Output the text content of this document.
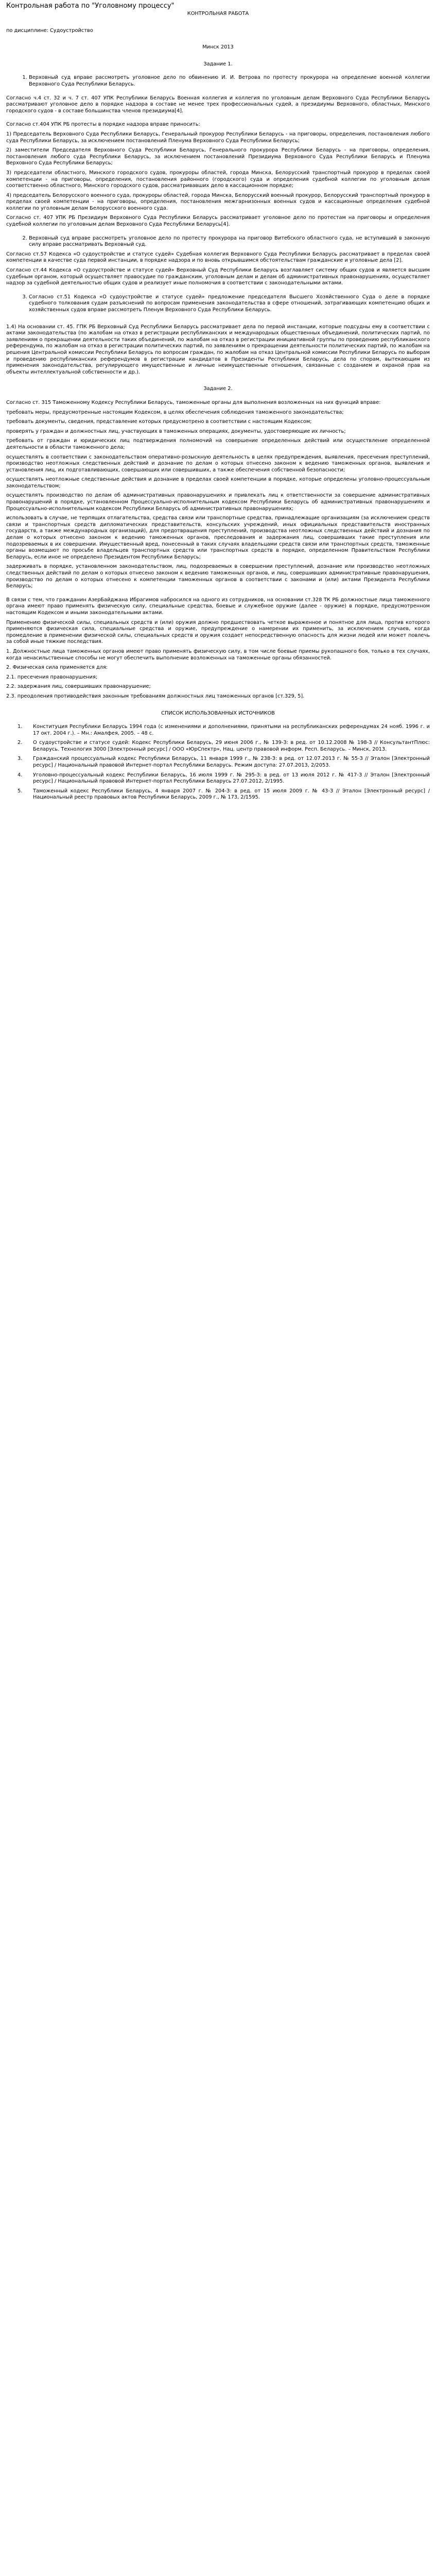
Контрольная работа по "Уголовному процессу"

КОНТРОЛЬНАЯ РАБОТА

по дисциплине: Судоустройство

Минск 2013

Задание 1.

1. Верховный суд вправе рассмотреть уголовное дело по обвинению И. И. Ветрова по протесту прокурора на определение военной коллегии Верховного Суда Республики Беларусь.

Согласно ч.4 ст. 32 и ч. 7 ст. 407 УПК Республики Беларусь Военная коллегия и коллегия по уголовным делам Верховного Суда Республики Беларусь рассматривают уголовное дело в порядке надзора в составе не менее трех профессиональных судей, а президиумы Верховного, областных, Минского городского судов - в составе большинства членов президиума[4].

Согласно ст.404 УПК РБ протесты в порядке надзора вправе приносить:

1) Председатель Верховного Суда Республики Беларусь, Генеральный прокурор Республики Беларусь - на приговоры, определения, постановления любого суда Республики Беларусь, за исключением постановлений Пленума Верховного Суда Республики Беларусь;

2) заместители Председателя Верховного Суда Республики Беларусь, Генерального прокурора Республики Беларусь - на приговоры, определения, постановления любого суда Республики Беларусь, за исключением постановлений Президиума Верховного Суда Республики Беларусь и Пленума Верховного Суда Республики Беларусь;

3) председатели областного, Минского городского судов, прокуроры областей, города Минска, Белорусский транспортный прокурор в пределах своей компетенции - на приговоры, определения, постановления районного (городского) суда и определения судебной коллегии по уголовным делам соответственно областного, Минского городского судов, рассматривавших дело в кассационном порядке;

4) председатель Белорусского военного суда, прокуроры областей, города Минска, Белорусский военный прокурор, Белорусский транспортный прокурор в пределах своей компетенции - на приговоры, определения, постановления межгарнизонных военных судов и кассационные определения судебной коллегии по уголовным делам Белорусского военного суда.

Согласно ст. 407 УПК РБ Президиум Верховного Суда Республики Беларусь рассматривает уголовное дело по протестам на приговоры и определения судебной коллегии по уголовным делам Верховного Суда Республики Беларусь[4].

2. Верховный суд вправе рассмотреть уголовное дело по протесту прокурора на приговор Витебского областного суда, не вступивший в законную силу вправе рассматривать Верховный суд.

Согласно ст.57 Кодекса «О судоустройстве и статусе судей» Судебная коллегия Верховного Суда Республики Беларусь рассматривает в пределах своей компетенции в качестве суда первой инстанции, в порядке надзора и по вновь открывшимся обстоятельствам гражданские и уголовные дела [2].

Согласно ст.44 Кодекса «О судоустройстве и статусе судей» Верховный Суд Республики Беларусь возглавляет систему общих судов и является высшим судебным органом, который осуществляет правосудие по гражданским, уголовным делам и делам об административных правонарушениях, осуществляет надзор за судебной деятельностью общих судов и реализует иные полномочия в соответствии с законодательными актами.

3. Согласно ст.51 Кодекса «О судоустройстве и статусе судей» предложение председателя Высшего Хозяйственного Суда о деле в порядке судебного толкования судам разъяснений по вопросам применения законодательства в сфере отношений, затрагивающих компетенцию общих и хозяйственных судов вправе рассмотреть Пленум Верховного Суда Республики Беларусь.

1.4) На основании ст. 45. ГПК РБ Верховный Суд Республики Беларусь рассматривает дела по первой инстанции, которые подсудны ему в соответствии с актами законодательства (по жалобам на отказ в регистрации республиканских и международных общественных объединений, политических партий, по заявлениям о прекращении деятельности таких объединений, по жалобам на отказ в регистрации инициативной группы по проведению республиканского референдума, по жалобам на отказ в регистрации политических партий, по заявлениям о прекращении деятельности политических партий, по жалобам на решения Центральной комиссии Республики Беларусь по вопросам граждан, по жалобам на отказ Центральной комиссии Республики Беларусь по выборам и проведению республиканских референдумов в регистрации кандидатов в Президенты Республики Беларусь, дела по спорам, вытекающим из применения законодательства, регулирующего имущественные и личные неимущественные отношения, связанные с созданием и охраной прав на объекты интеллектуальной собственности и др.).

Задание 2.

Согласно ст. 315 Таможенному Кодексу Республики Беларусь, таможенные органы для выполнения возложенных на них функций вправе:

требовать меры, предусмотренные настоящим Кодексом, в целях обеспечения соблюдения таможенного законодательства;

требовать документы, сведения, представление которых предусмотрено в соответствии с настоящим Кодексом;

проверять у граждан и должностных лиц, участвующих в таможенных операциях, документы, удостоверяющие их личность;

требовать от граждан и юридических лиц подтверждения полномочий на совершение определенных действий или осуществление определенной деятельности в области таможенного дела;

осуществлять в соответствии с законодательством оперативно-розыскную деятельность в целях предупреждения, выявления, пресечения преступлений, производство неотложных следственных действий и дознание по делам о которых отнесено законом к ведению таможенных органов, выявления и установления лиц, их подготавливающих, совершающих или совершивших, а также обеспечения собственной безопасности;

осуществлять неотложные следственные действия и дознание в пределах своей компетенции в порядке, которые определены уголовно-процессуальным законодательством;

осуществлять производство по делам об административных правонарушениях и привлекать лиц к ответственности за совершение административных правонарушений в порядке, установленном Процессуально-исполнительным кодексом Республики Беларусь об административных правонарушениях и Процессуально-исполнительным кодексом Республики Беларусь об административных правонарушениях;

использовать в случае, не терпящих отлагательства, средства связи или транспортные средства, принадлежащие организациям (за исключением средств связи и транспортных средств дипломатических представительств, консульских учреждений, иных официальных представительств иностранных государств, а также международных организаций), для предотвращения преступлений, производства неотложных следственных действий и дознания по делам о которых отнесено законом к ведению таможенных органов, преследования и задержания лиц, совершивших такие преступления или подозреваемых в их совершении. Имущественный вред, понесенный в таких случаях владельцами средств связи или транспортных средств, таможенные органы возмещают по просьбе владельцев транспортных средств или транспортных средств в порядке, определенном Правительством Республики Беларусь, если иное не определено Президентом Республики Беларусь;

задерживать в порядке, установленном законодательством, лиц, подозреваемых в совершении преступлений, дознание или производство неотложных следственных действий по делам о которых отнесено законом к ведению таможенных органов, и лиц, совершивших административные правонарушения, производство по делам о которых отнесено к компетенции таможенных органов в соответствии с законами и (или) актами Президента Республики Беларусь;

В связи с тем, что гражданин АзерБайджана Ибрагимов набросился на одного из сотрудников, на основании ст.328 ТК РБ должностные лица таможенного органа имеют право применять физическую силу, специальные средства, боевые и служебное оружие (далее - оружие) в порядке, предусмотренном настоящим Кодексом и иными законодательными актами.

Применению физической силы, специальных средств и (или) оружия должно предшествовать четкое выраженное и понятное для лица, против которого применяются физическая сила, специальные средства и оружие, предупреждение о намерении их применить, за исключением случаев, когда промедление в применении физической силы, специальных средств и оружия создает непосредственную опасность для жизни людей или может повлечь за собой иные тяжкие последствия.

1. Должностные лица таможенных органов имеют право применять физическую силу, в том числе боевые приемы рукопашного боя, только в тех случаях, когда ненасильственные способы не могут обеспечить выполнение возложенных на таможенные органы обязанностей.

2. Физическая сила применяется для:

2.1. пресечения правонарушения;

2.2. задержания лиц, совершивших правонарушение;

2.3. преодоления противодействия законным требованиям должностных лиц таможенных органов [ст.329, 5].

СПИСОК ИСПОЛЬЗОВАННЫХ ИСТОЧНИКОВ

1.	Конституция Республики Беларусь 1994 года (с изменениями и дополнениями, принятыми на республиканских референдумах 24 нояб. 1996 г. и 17 окт. 2004 г.). – Мн.: Амалфея, 2005. – 48 с.
2.	О судоустройстве и статусе судей: Кодекс Республики Беларусь, 29 июня 2006 г., № 139-З: в ред. от 10.12.2008 № 198-З // КонсультантПлюс: Беларусь. Технология 3000 [Электронный ресурс] / ООО «ЮрСпектр», Нац. центр правовой информ. Респ. Беларусь. – Минск, 2013.
3.	Гражданский процессуальный кодекс Республики Беларусь, 11 января 1999 г., № 238-З: в ред. от 12.07.2013 г. № 55-З // Эталон [Электронный ресурс] / Национальный правовой Интернет-портал Республики Беларусь. Режим доступа: 27.07.2013, 2/2053.
4.	Уголовно-процессуальный кодекс Республики Беларусь, 16 июля 1999 г. № 295-З: в ред. от 13 июля 2012 г. № 417-З // Эталон [Электронный ресурс] / Национальный правовой Интернет-портал Республики Беларусь 27.07.2012, 2/1995.
5.	Таможенный кодекс Республики Беларусь, 4 января 2007 г. № 204-З: в ред. от 15 июля 2009 г. № 43-З // Эталон [Электронный ресурс] / Национальный реестр правовых актов Республики Беларусь, 2009 г., № 173, 2/1595.
